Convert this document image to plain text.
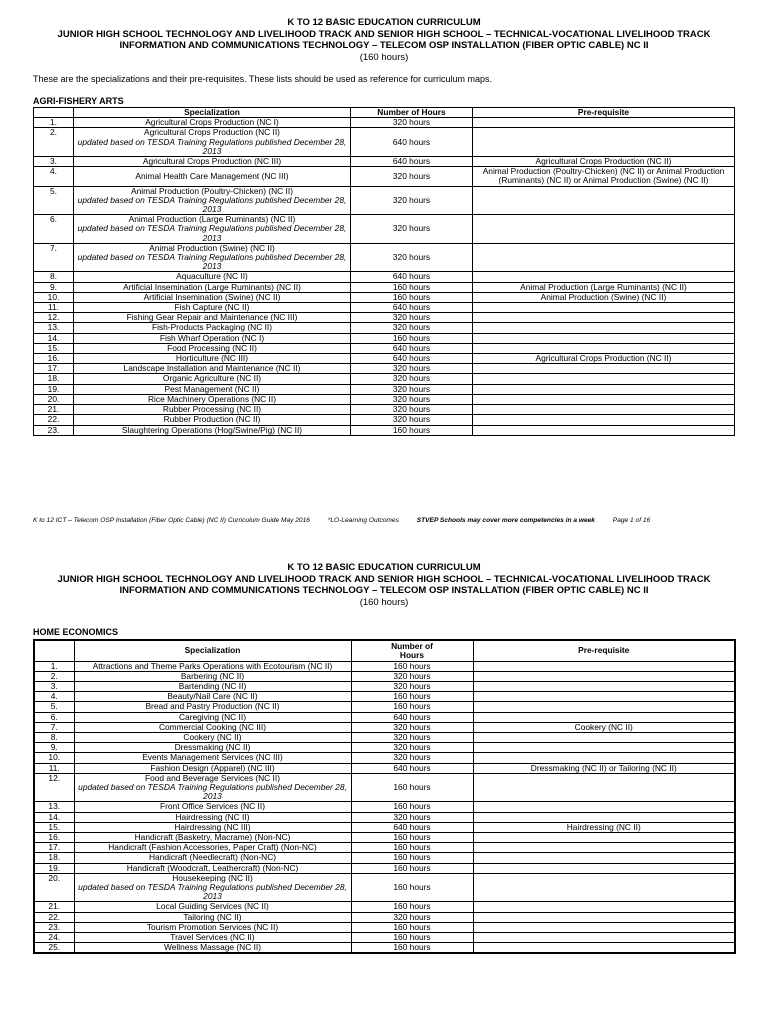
K TO 12 BASIC EDUCATION CURRICULUM
JUNIOR HIGH SCHOOL TECHNOLOGY AND LIVELIHOOD TRACK AND SENIOR HIGH SCHOOL – TECHNICAL-VOCATIONAL LIVELIHOOD TRACK
INFORMATION AND COMMUNICATIONS TECHNOLOGY – TELECOM OSP INSTALLATION (FIBER OPTIC CABLE) NC II
(160 hours)
These are the specializations and their pre-requisites. These lists should be used as reference for curriculum maps.
AGRI-FISHERY ARTS
	Specialization	Number of Hours	Pre-requisite
1.	Agricultural Crops Production (NC I)	320 hours	
2.	Agricultural Crops Production (NC II)
updated based on TESDA Training Regulations published December 28, 2013	640 hours	
3.	Agricultural Crops Production (NC III)	640 hours	Agricultural Crops Production (NC II)
4.	Animal Health Care Management (NC III)	320 hours	Animal Production (Poultry-Chicken) (NC II) or Animal Production (Ruminants) (NC II) or Animal Production (Swine) (NC II)
5.	Animal Production (Poultry-Chicken) (NC II)
updated based on TESDA Training Regulations published December 28, 2013	320 hours	
6.	Animal Production (Large Ruminants) (NC II)
updated based on TESDA Training Regulations published December 28, 2013	320 hours	
7.	Animal Production (Swine) (NC II)
updated based on TESDA Training Regulations published December 28, 2013	320 hours	
8.	Aquaculture (NC II)	640 hours	
9.	Artificial Insemination (Large Ruminants) (NC II)	160 hours	Animal Production (Large Ruminants) (NC II)
10.	Artificial Insemination (Swine) (NC II)	160 hours	Animal Production (Swine) (NC II)
11.	Fish Capture (NC II)	640 hours	
12.	Fishing Gear Repair and Maintenance (NC III)	320 hours	
13.	Fish-Products Packaging (NC II)	320 hours	
14.	Fish Wharf Operation (NC I)	160 hours	
15.	Food Processing (NC II)	640 hours	
16.	Horticulture (NC III)	640 hours	Agricultural Crops Production (NC II)
17.	Landscape Installation and Maintenance (NC II)	320 hours	
18.	Organic Agriculture (NC II)	320 hours	
19.	Pest Management (NC II)	320 hours	
20.	Rice Machinery Operations (NC II)	320 hours	
21.	Rubber Processing (NC II)	320 hours	
22.	Rubber Production (NC II)	320 hours	
23.	Slaughtering Operations (Hog/Swine/Pig) (NC II)	160 hours	
K to 12 ICT – Telecom OSP Installation (Fiber Optic Cable) (NC II) Curriculum Guide May 2016	*LO-Learning Outcomes	STVEP Schools may cover more competencies in a week	Page 1 of 16
K TO 12 BASIC EDUCATION CURRICULUM
JUNIOR HIGH SCHOOL TECHNOLOGY AND LIVELIHOOD TRACK AND SENIOR HIGH SCHOOL – TECHNICAL-VOCATIONAL LIVELIHOOD TRACK
INFORMATION AND COMMUNICATIONS TECHNOLOGY – TELECOM OSP INSTALLATION (FIBER OPTIC CABLE) NC II
(160 hours)
HOME ECONOMICS
	Specialization	Number of Hours	Pre-requisite
1.	Attractions and Theme Parks Operations with Ecotourism (NC II)	160 hours	
2.	Barbering (NC II)	320 hours	
3.	Bartending (NC II)	320 hours	
4.	Beauty/Nail Care (NC II)	160 hours	
5.	Bread and Pastry Production (NC II)	160 hours	
6.	Caregiving (NC II)	640 hours	
7.	Commercial Cooking (NC III)	320 hours	Cookery (NC II)
8.	Cookery (NC II)	320 hours	
9.	Dressmaking (NC II)	320 hours	
10.	Events Management Services (NC III)	320 hours	
11.	Fashion Design (Apparel) (NC III)	640 hours	Dressmaking (NC II) or Tailoring (NC II)
12.	Food and Beverage Services (NC II)
updated based on TESDA Training Regulations published December 28, 2013	160 hours	
13.	Front Office Services (NC II)	160 hours	
14.	Hairdressing (NC II)	320 hours	
15.	Hairdressing (NC III)	640 hours	Hairdressing (NC II)
16.	Handicraft (Basketry, Macrame) (Non-NC)	160 hours	
17.	Handicraft (Fashion Accessories, Paper Craft) (Non-NC)	160 hours	
18.	Handicraft (Needlecraft) (Non-NC)	160 hours	
19.	Handicraft (Woodcraft, Leathercraft) (Non-NC)	160 hours	
20.	Housekeeping (NC II)
updated based on TESDA Training Regulations published December 28, 2013	160 hours	
21.	Local Guiding Services (NC II)	160 hours	
22.	Tailoring (NC II)	320 hours	
23.	Tourism Promotion Services (NC II)	160 hours	
24.	Travel Services (NC II)	160 hours	
25.	Wellness Massage (NC II)	160 hours	
